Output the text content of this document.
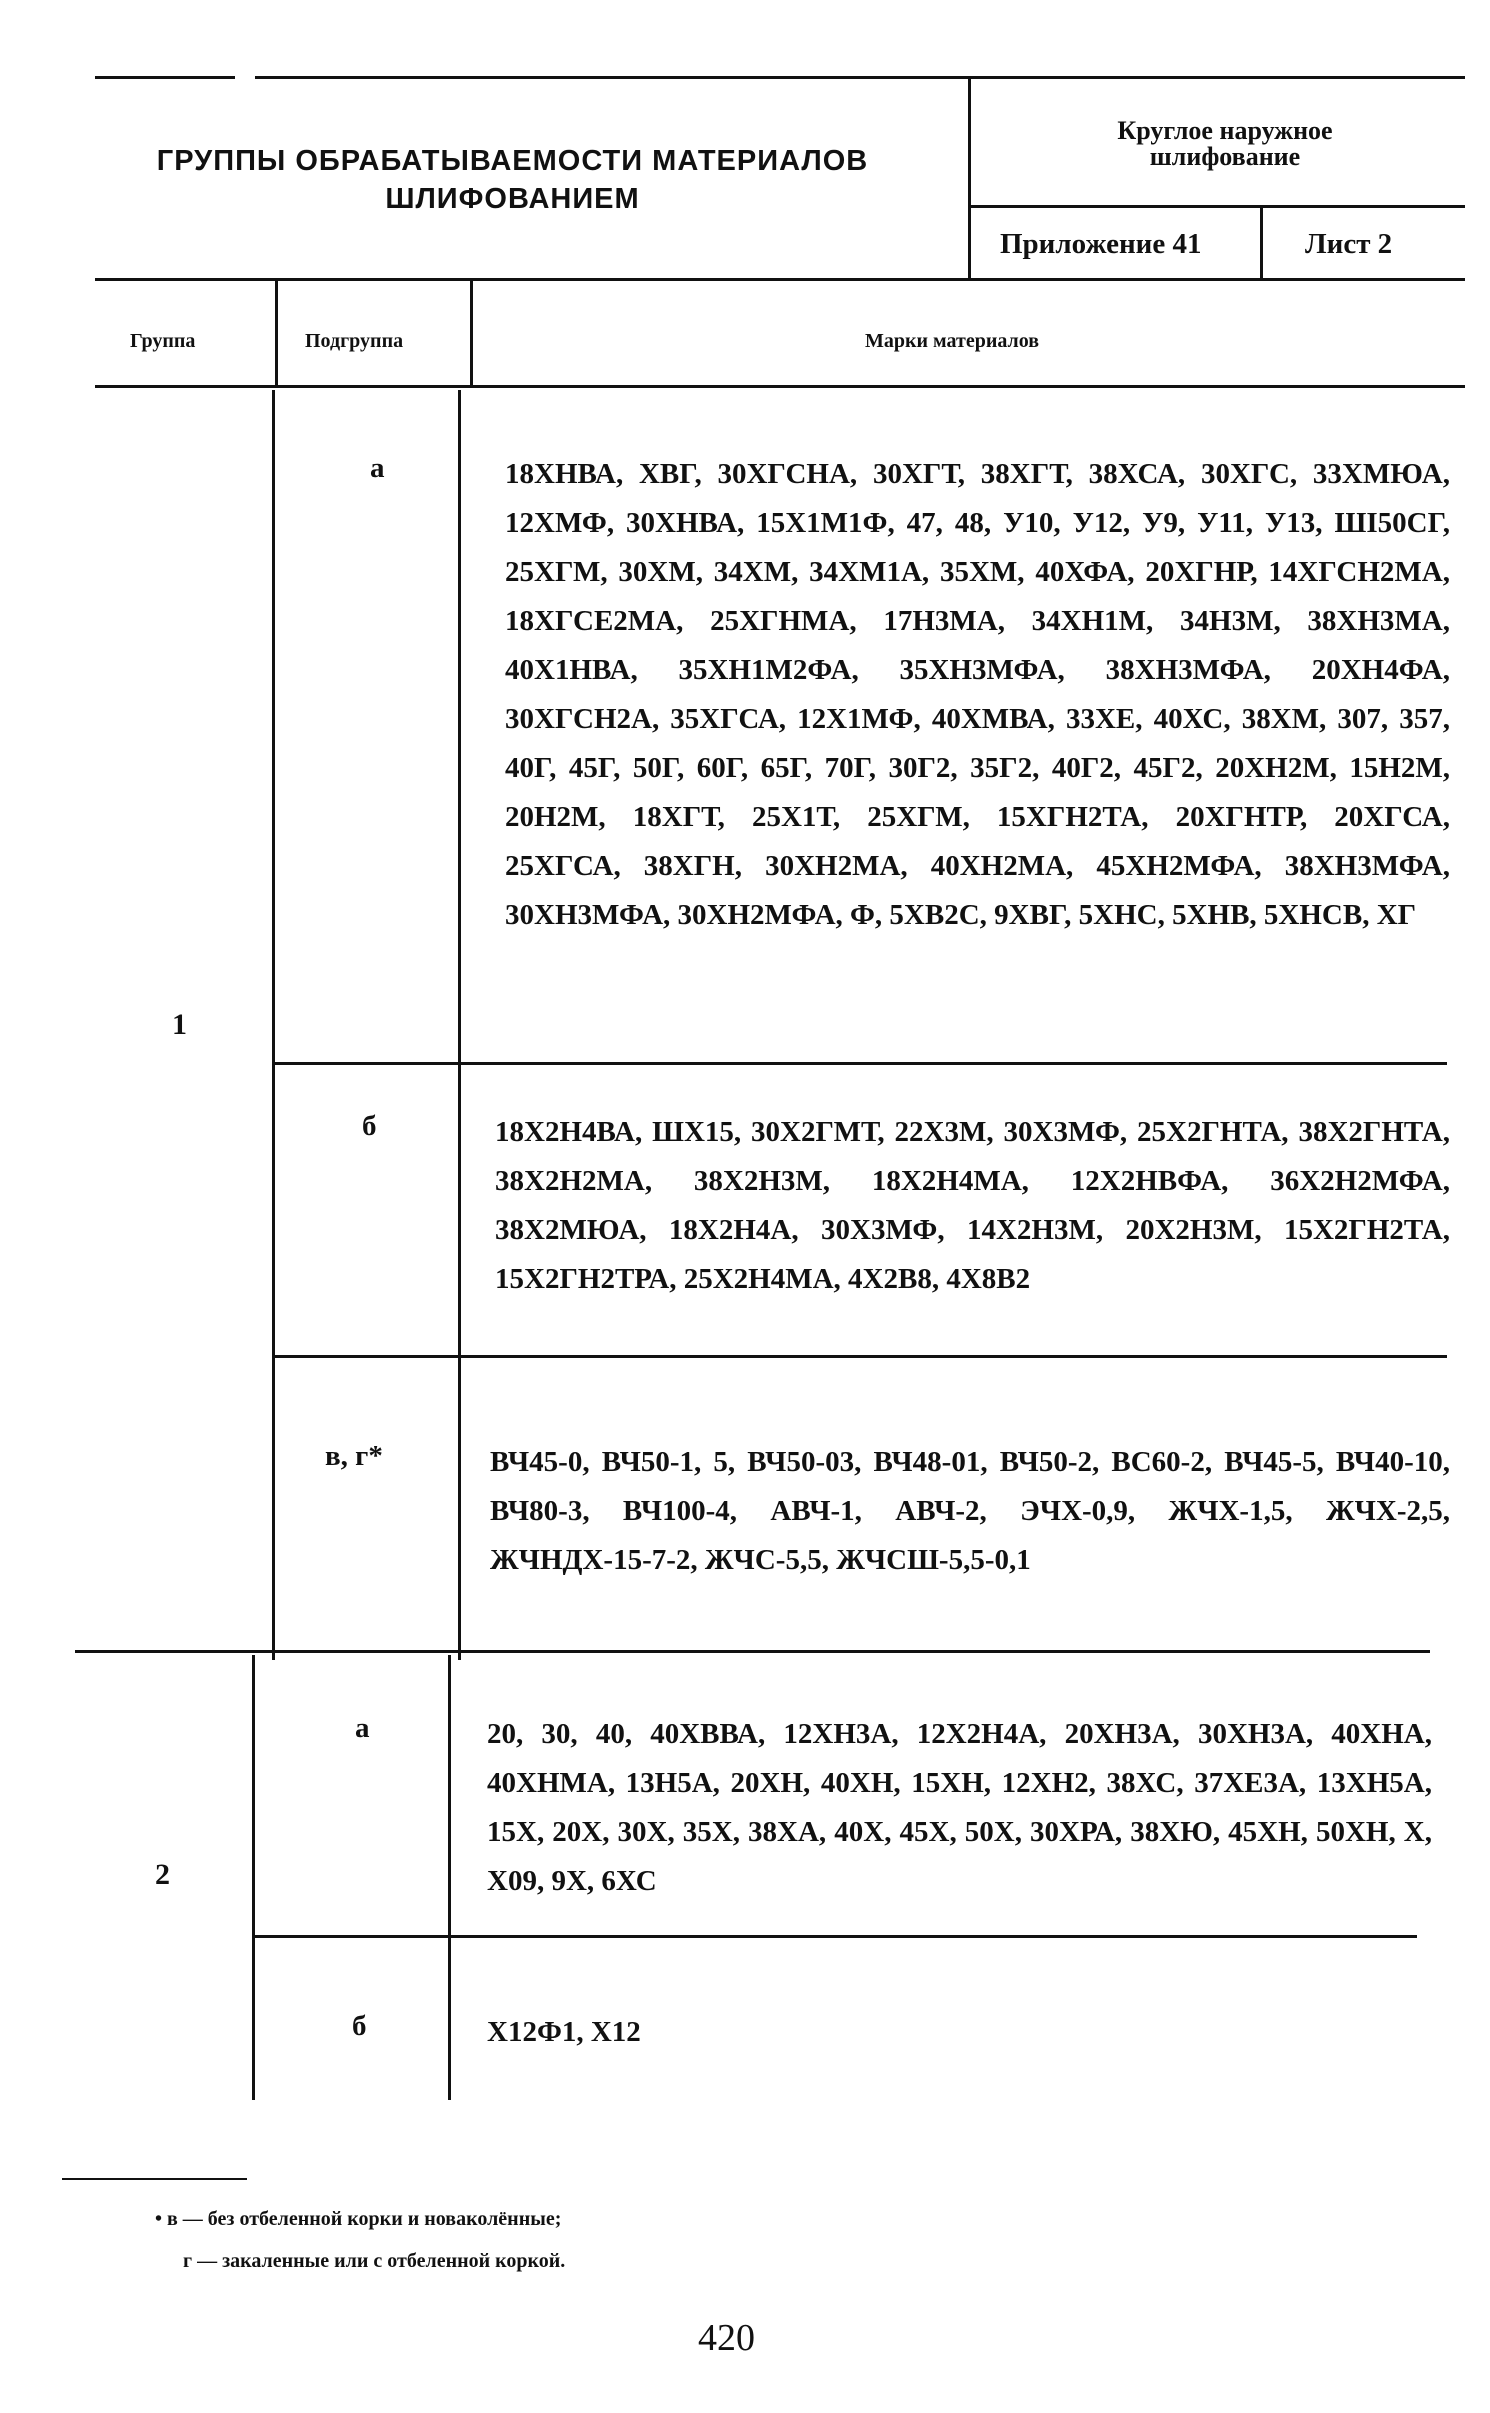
ГРУППЫ ОБРАБАТЫВАЕМОСТИ МАТЕРИАЛОВ
ШЛИФОВАНИЕМ
Круглое наружное
шлифование
Приложение 41	Лист 2
Группа	Подгруппа	Марки материалов
1
а	18ХНВА, ХВГ, 30ХГСНА, 30ХГТ, 38ХГТ, 38ХСА, 30ХГС, 33ХМЮА, 12ХМФ, 30ХНВА, 15Х1М1Ф, 47, 48, У10, У12, У9, У11, У13, ШI50СГ, 25ХГМ, 30ХМ, 34ХМ, 34ХМ1А, 35ХМ, 40ХФА, 20ХГНР, 14ХГСН2МА, 18ХГСЕ2МА, 25ХГНМА, 17Н3МА, 34ХН1М, 34Н3М, 38ХН3МА, 40Х1НВА, 35ХН1М2ФА, 35ХН3МФА, 38ХН3МФА, 20ХН4ФА, 30ХГСН2А, 35ХГСА, 12Х1МФ, 40ХМВА, 33ХЕ, 40ХС, 38ХМ, 307, 357, 40Г, 45Г, 50Г, 60Г, 65Г, 70Г, 30Г2, 35Г2, 40Г2, 45Г2, 20ХН2М, 15Н2М, 20Н2М, 18ХГТ, 25Х1Т, 25ХГМ, 15ХГН2ТА, 20ХГНТР, 20ХГСА, 25ХГСА, 38ХГН, 30ХН2МА, 40ХН2МА, 45ХН2МФА, 38ХН3МФА, 30ХН3МФА, 30ХН2МФА, Ф, 5ХВ2С, 9ХВГ, 5ХНС, 5ХНВ, 5ХНСВ, ХГ

б	18Х2Н4ВА, ШХ15, 30Х2ГМТ, 22Х3М, 30Х3МФ, 25Х2ГНТА, 38Х2ГНТА, 38Х2Н2МА, 38Х2Н3М, 18Х2Н4МА, 12Х2НВФА, 36Х2Н2МФА, 38Х2МЮА, 18Х2Н4А, 30Х3МФ, 14Х2Н3М, 20Х2Н3М, 15Х2ГН2ТА, 15Х2ГН2ТРА, 25Х2Н4МА, 4Х2В8, 4Х8В2

в, г*	ВЧ45-0, ВЧ50-1, 5, ВЧ50-03, ВЧ48-01, ВЧ50-2, ВС60-2, ВЧ45-5, ВЧ40-10, ВЧ80-3, ВЧ100-4, АВЧ-1, АВЧ-2, ЭЧХ-0,9, ЖЧХ-1,5, ЖЧХ-2,5, ЖЧНДХ-15-7-2, ЖЧС-5,5, ЖЧСШ-5,5-0,1

2
а	20, 30, 40, 40ХВВА, 12ХН3А, 12Х2Н4А, 20ХН3А, 30ХН3А, 40ХНА, 40ХНМА, 13Н5А, 20ХН, 40ХН, 15ХН, 12ХН2, 38ХС, 37ХЕ3А, 13ХН5А, 15Х, 20Х, 30Х, 35Х, 38ХА, 40Х, 45Х, 50Х, 30ХРА, 38ХЮ, 45ХН, 50ХН, Х, Х09, 9Х, 6ХС

б	Х12Ф1, Х12

• в — без отбеленной корки и новаколённые;
г — закаленные или с отбеленной коркой.
420
